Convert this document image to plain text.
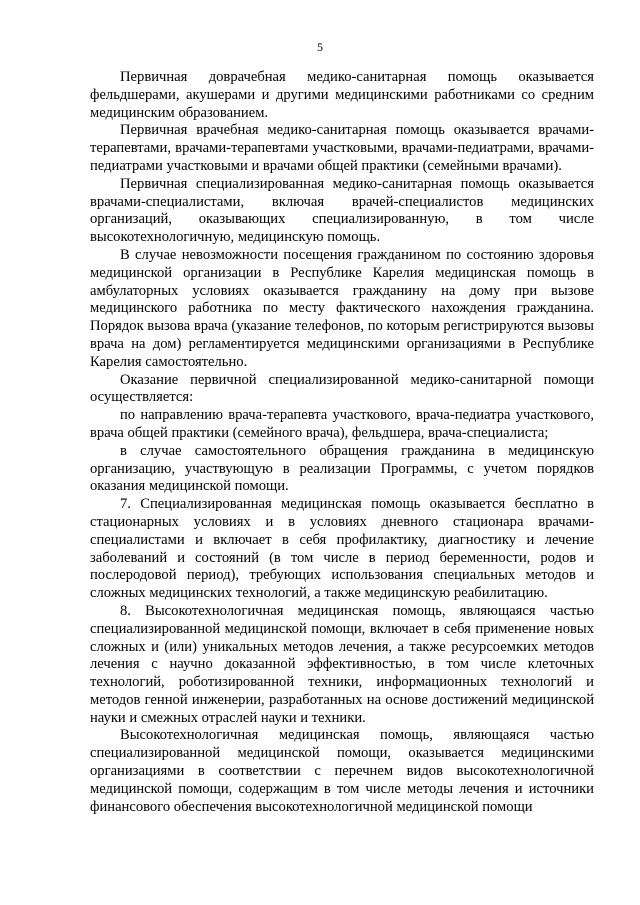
5

Первичная доврачебная медико-санитарная помощь оказывается фельдшерами, акушерами и другими медицинскими работниками со средним медицинским образованием.

Первичная врачебная медико-санитарная помощь оказывается врачами-терапевтами, врачами-терапевтами участковыми, врачами-педиатрами, врачами-педиатрами участковыми и врачами общей практики (семейными врачами).

Первичная специализированная медико-санитарная помощь оказывается врачами-специалистами, включая врачей-специалистов медицинских организаций, оказывающих специализированную, в том числе высокотехнологичную, медицинскую помощь.

В случае невозможности посещения гражданином по состоянию здоровья медицинской организации в Республике Карелия медицинская помощь в амбулаторных условиях оказывается гражданину на дому при вызове медицинского работника по месту фактического нахождения гражданина. Порядок вызова врача (указание телефонов, по которым регистрируются вызовы врача на дом) регламентируется медицинскими организациями в Республике Карелия самостоятельно.

Оказание первичной специализированной медико-санитарной помощи осуществляется:

по направлению врача-терапевта участкового, врача-педиатра участкового, врача общей практики (семейного врача), фельдшера, врача-специалиста;

в случае самостоятельного обращения гражданина в медицинскую организацию, участвующую в реализации Программы, с учетом порядков оказания медицинской помощи.

7. Специализированная медицинская помощь оказывается бесплатно в стационарных условиях и в условиях дневного стационара врачами-специалистами и включает в себя профилактику, диагностику и лечение заболеваний и состояний (в том числе в период беременности, родов и послеродовой период), требующих использования специальных методов и сложных медицинских технологий, а также медицинскую реабилитацию.

8. Высокотехнологичная медицинская помощь, являющаяся частью специализированной медицинской помощи, включает в себя применение новых сложных и (или) уникальных методов лечения, а также ресурсоемких методов лечения с научно доказанной эффективностью, в том числе клеточных технологий, роботизированной техники, информационных технологий и методов генной инженерии, разработанных на основе достижений медицинской науки и смежных отраслей науки и техники.

Высокотехнологичная медицинская помощь, являющаяся частью специализированной медицинской помощи, оказывается медицинскими организациями в соответствии с перечнем видов высокотехнологичной медицинской помощи, содержащим в том числе методы лечения и источники финансового обеспечения высокотехнологичной медицинской помощи
